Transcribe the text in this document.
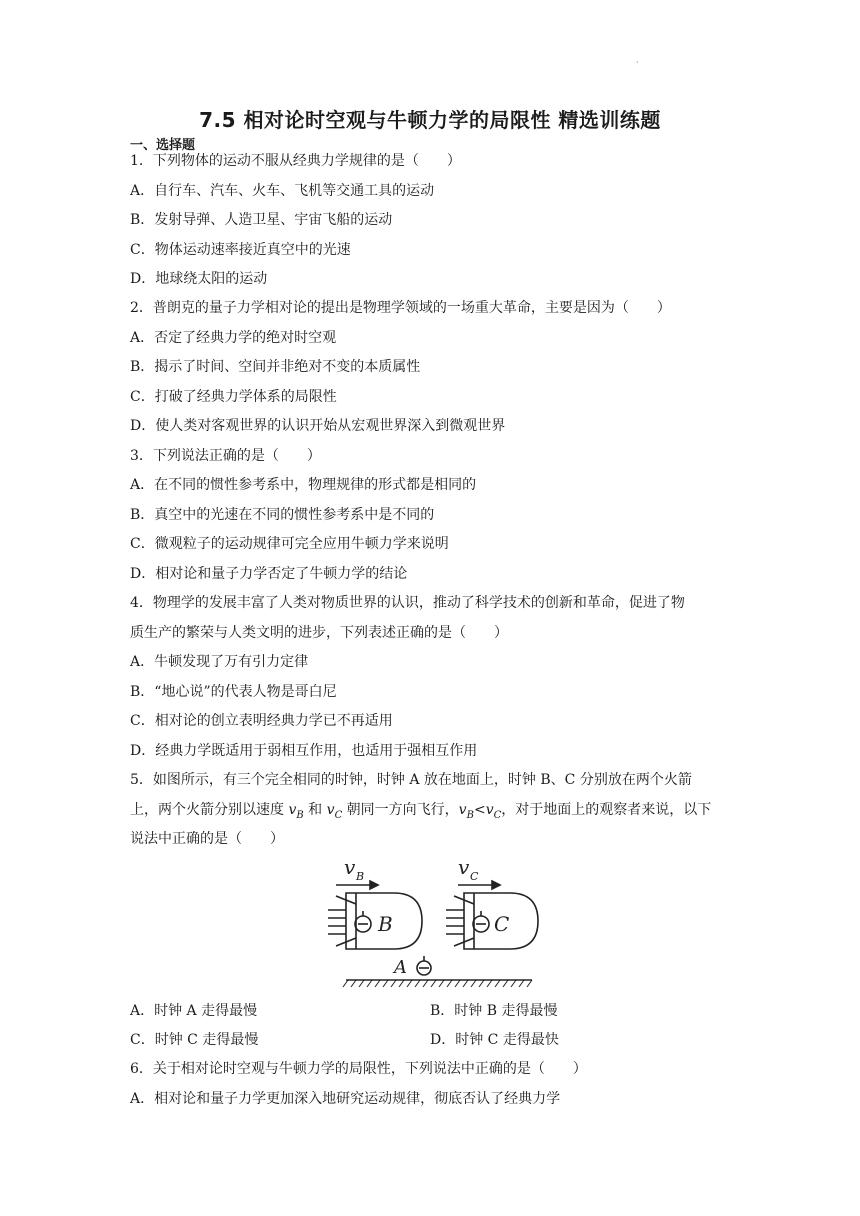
·
7.5 相对论时空观与牛顿力学的局限性 精选训练题
一、选择题
1．下列物体的运动不服从经典力学规律的是（　　）
A．自行车、汽车、火车、飞机等交通工具的运动
B．发射导弹、人造卫星、宇宙飞船的运动
C．物体运动速率接近真空中的光速
D．地球绕太阳的运动
2．普朗克的量子力学相对论的提出是物理学领域的一场重大革命，主要是因为（　　）
A．否定了经典力学的绝对时空观
B．揭示了时间、空间并非绝对不变的本质属性
C．打破了经典力学体系的局限性
D．使人类对客观世界的认识开始从宏观世界深入到微观世界
3．下列说法正确的是（　　）
A．在不同的惯性参考系中，物理规律的形式都是相同的
B．真空中的光速在不同的惯性参考系中是不同的
C．微观粒子的运动规律可完全应用牛顿力学来说明
D．相对论和量子力学否定了牛顿力学的结论
4．物理学的发展丰富了人类对物质世界的认识，推动了科学技术的创新和革命，促进了物
质生产的繁荣与人类文明的进步，下列表述正确的是（　　）
A．牛顿发现了万有引力定律
B．“地心说”的代表人物是哥白尼
C．相对论的创立表明经典力学已不再适用
D．经典力学既适用于弱相互作用，也适用于强相互作用
5．如图所示，有三个完全相同的时钟，时钟 A 放在地面上，时钟 B、C 分别放在两个火箭
上，两个火箭分别以速度 $v_B$ 和 $v_C$ 朝同一方向飞行，$v_B<v_C$，对于地面上的观察者来说，以下
说法中正确的是（　　）
v B	v C
B	C
A
A．时钟 A 走得最慢	B．时钟 B 走得最慢
C．时钟 C 走得最慢	D．时钟 C 走得最快
6．关于相对论时空观与牛顿力学的局限性，下列说法中正确的是（　　）
A．相对论和量子力学更加深入地研究运动规律，彻底否认了经典力学
